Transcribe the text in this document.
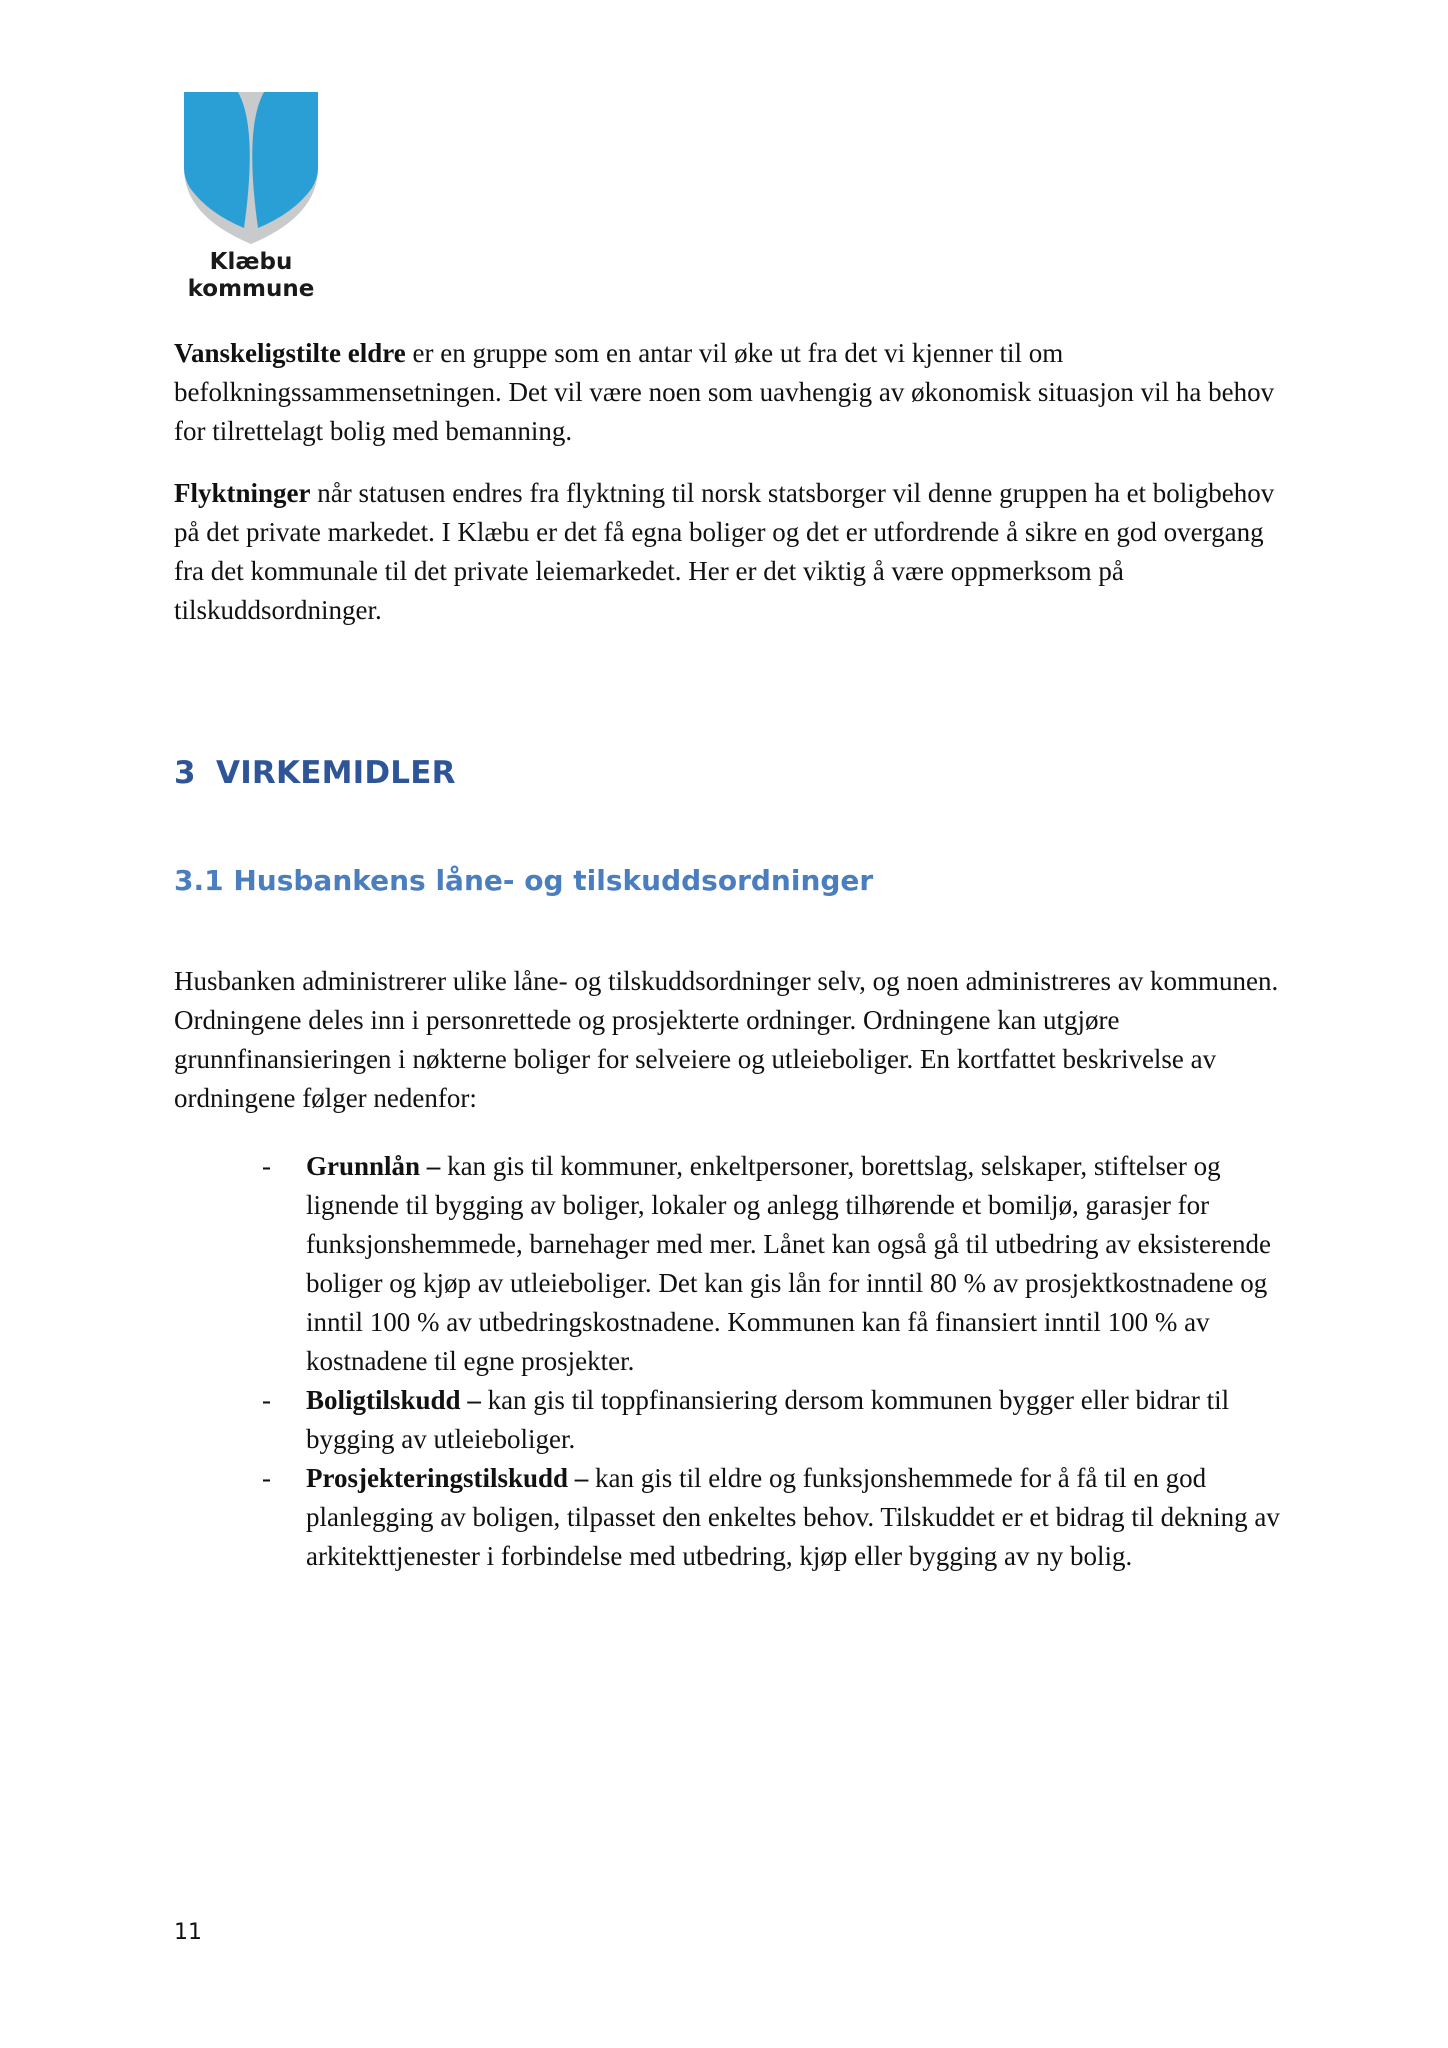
Klæbu
kommune

Vanskeligstilte eldre er en gruppe som en antar vil øke ut fra det vi kjenner til om befolkningssammensetningen. Det vil være noen som uavhengig av økonomisk situasjon vil ha behov for tilrettelagt bolig med bemanning.

Flyktninger når statusen endres fra flyktning til norsk statsborger vil denne gruppen ha et boligbehov på det private markedet. I Klæbu er det få egna boliger og det er utfordrende å sikre en god overgang fra det kommunale til det private leiemarkedet. Her er det viktig å være oppmerksom på tilskuddsordninger.

3 VIRKEMIDLER
3.1 Husbankens låne- og tilskuddsordninger

Husbanken administrerer ulike låne- og tilskuddsordninger selv, og noen administreres av kommunen. Ordningene deles inn i personrettede og prosjekterte ordninger. Ordningene kan utgjøre grunnfinansieringen i nøkterne boliger for selveiere og utleieboliger. En kortfattet beskrivelse av ordningene følger nedenfor:

- Grunnlån – kan gis til kommuner, enkeltpersoner, borettslag, selskaper, stiftelser og lignende til bygging av boliger, lokaler og anlegg tilhørende et bomiljø, garasjer for funksjonshemmede, barnehager med mer. Lånet kan også gå til utbedring av eksisterende boliger og kjøp av utleieboliger. Det kan gis lån for inntil 80 % av prosjektkostnadene og inntil 100 % av utbedringskostnadene. Kommunen kan få finansiert inntil 100 % av kostnadene til egne prosjekter.
- Boligtilskudd – kan gis til toppfinansiering dersom kommunen bygger eller bidrar til bygging av utleieboliger.
- Prosjekteringstilskudd – kan gis til eldre og funksjonshemmede for å få til en god planlegging av boligen, tilpasset den enkeltes behov. Tilskuddet er et bidrag til dekning av arkitekttjenester i forbindelse med utbedring, kjøp eller bygging av ny bolig.
11
